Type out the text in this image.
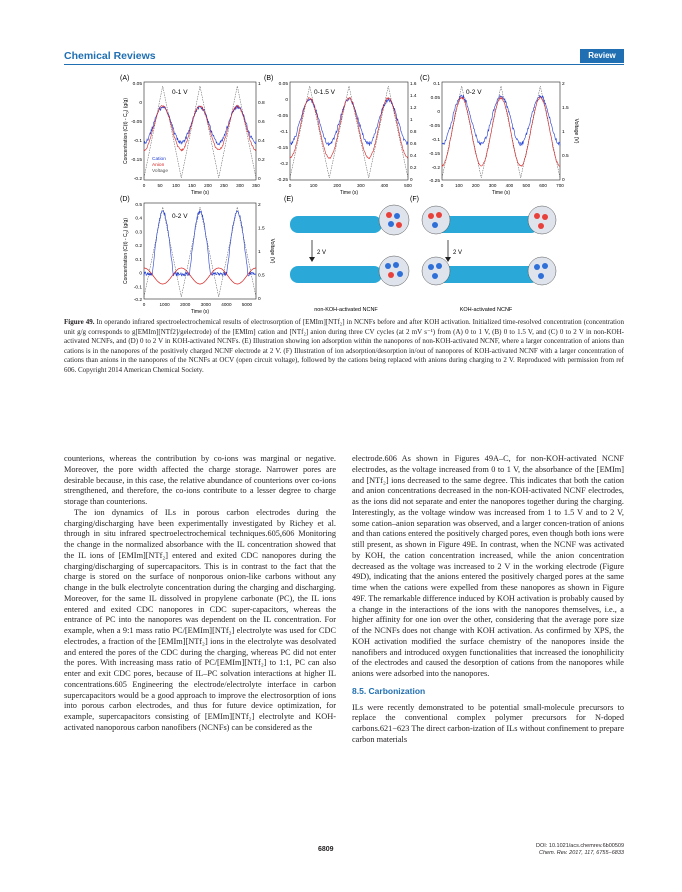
Chemical Reviews	Review
(A)
0-1 V
0.05
0
-0.05
-0.1
-0.15
-0.2
1
0.8
0.6
0.4
0.2
0
0	50 100 150 200 250 300 350
Time (s)
Concentration $(C(t) - C_0)$ (g/g)
Cation
Anion
Voltage
(B)
0-1.5 V
0.05
0
-0.05
-0.1
-0.15
-0.2
-0.25
1.6
1.4
1.2
1
0.8
0.6
0.4
0.2
0
0	100	200	300	400	500
Time (s)
(C)
0-2 V
0.1
0.05
0
-0.05
-0.1
-0.15
-0.2
-0.25
2
1.5
1
0.5
0
Voltage (V)
0	100 200 300 400 500 600 700
Time (s)
(D)
0-2 V
0.5
0.4
0.3
0.2
0.1
0
-0.1
-0.2
2
1.5
1
0.5
0
Voltage (V)
0	1000 2000 3000 4000 5000
Time (s)
Concentration $(C(t) - C_0)$ (g/g)
(E)
2 V
non-KOH-activated NCNF
(F)
2 V
KOH-activated NCNF
Figure 49. In operando infrared spectroelectrochemical results of electrosorption of [EMIm][NTf₂] in NCNFs before and after KOH activation. Initialized time-resolved concentration (concentration unit g/g corresponds to g[EMIm][NTf2]/gelectrode) of the [EMIm] cation and [NTf₂] anion during three CV cycles (at 2 mV s⁻¹) from (A) 0 to 1 V, (B) 0 to 1.5 V, and (C) 0 to 2 V in non-KOH-activated NCNFs, and (D) 0 to 2 V in KOH-activated NCNFs. (E) Illustration showing ion adsorption within the nanopores of non-KOH-activated NCNF, where a larger concentration of anions than cations is in the nanopores of the positively charged NCNF electrode at 2 V. (F) Illustration of ion adsorption/desorption in/out of nanopores of KOH-activated NCNF with a larger concentration of cations than anions in the nanopores of the NCNFs at OCV (open circuit voltage), followed by the cations being replaced with anions during charging to 2 V. Reproduced with permission from ref 606. Copyright 2014 American Chemical Society.

counterions, whereas the contribution by co-ions was marginal or negative. Moreover, the pore width affected the charge storage. Narrower pores are desirable because, in this case, the relative abundance of counterions over co-ions strengthened, and therefore, the co-ions contribute to a lesser degree to charge storage than counterions.

The ion dynamics of ILs in porous carbon electrodes during the charging/discharging have been experimentally investigated by Richey et al. through in situ infrared spectroelectrochemical techniques.605,606 Monitoring the change in the normalized absorbance with the IL concentration showed that the IL ions of [EMIm][NTf₂] entered and exited CDC nanopores during the charging/discharging of supercapacitors. This is in contrast to the fact that the charge is stored on the surface of nonporous onion-like carbons without any change in the bulk electrolyte concentration during the charging and discharging. Moreover, for the same IL dissolved in propylene carbonate (PC), the IL ions entered and exited CDC nanopores in CDC super-capacitors, whereas the entrance of PC into the nanopores was dependent on the IL concentration. For example, when a 9:1 mass ratio PC/[EMIm][NTf₂] electrolyte was used for CDC electrodes, a fraction of the [EMIm][NTf₂] ions in the electrolyte was desolvated and entered the pores of the CDC during the charging, whereas PC did not enter the pores. With increasing mass ratio of PC/[EMIm][NTf₂] to 1:1, PC can also enter and exit CDC pores, because of IL–PC solvation interactions at higher IL concentrations.605 Engineering the electrode/electrolyte interface in carbon supercapacitors would be a good approach to improve the electrosorption of ions into porous carbon electrodes, and thus for future device optimization, for example, supercapacitors consisting of [EMIm][NTf₂] electrolyte and KOH-activated nanoporous carbon nanofibers (NCNFs) can be considered as the

electrode.606 As shown in Figures 49A–C, for non-KOH-activated NCNF electrodes, as the voltage increased from 0 to 1 V, the absorbance of the [EMIm] and [NTf₂] ions decreased to the same degree. This indicates that both the cation and anion concentrations decreased in the non-KOH-activated NCNF electrodes, as the ions did not separate and enter the nanopores together during the charging. Interestingly, as the voltage window was increased from 1 to 1.5 V and to 2 V, some cation–anion separation was observed, and a larger concen-tration of anions and than cations entered the positively charged pores, even though both ions were still present, as shown in Figure 49E. In contrast, when the NCNF was activated by KOH, the cation concentration increased, while the anion concentration decreased as the voltage was increased to 2 V in the working electrode (Figure 49D), indicating that the anions entered the positively charged pores at the same time when the cations were expelled from these nanopores as shown in Figure 49F. The remarkable difference induced by KOH activation is probably caused by a change in the interactions of the ions with the nanopores themselves, i.e., a higher affinity for one ion over the other, considering that the average pore size of the NCNFs does not change with KOH activation. As confirmed by XPS, the KOH activation modified the surface chemistry of the nanopores inside the nanofibers and introduced oxygen functionalities that increased the ionophilicity of the electrodes and caused the desorption of cations from the nanopores while anions were adsorbed into the nanopores.

8.5. Carbonization

ILs were recently demonstrated to be potential small-molecule precursors to replace the conventional complex polymer precursors for N-doped carbons.621−623 The direct carbon-ization of ILs without confinement to prepare carbon materials

6809	DOI: 10.1021/acs.chemrev.6b00509
Chem. Rev. 2017, 117, 6755−6833
